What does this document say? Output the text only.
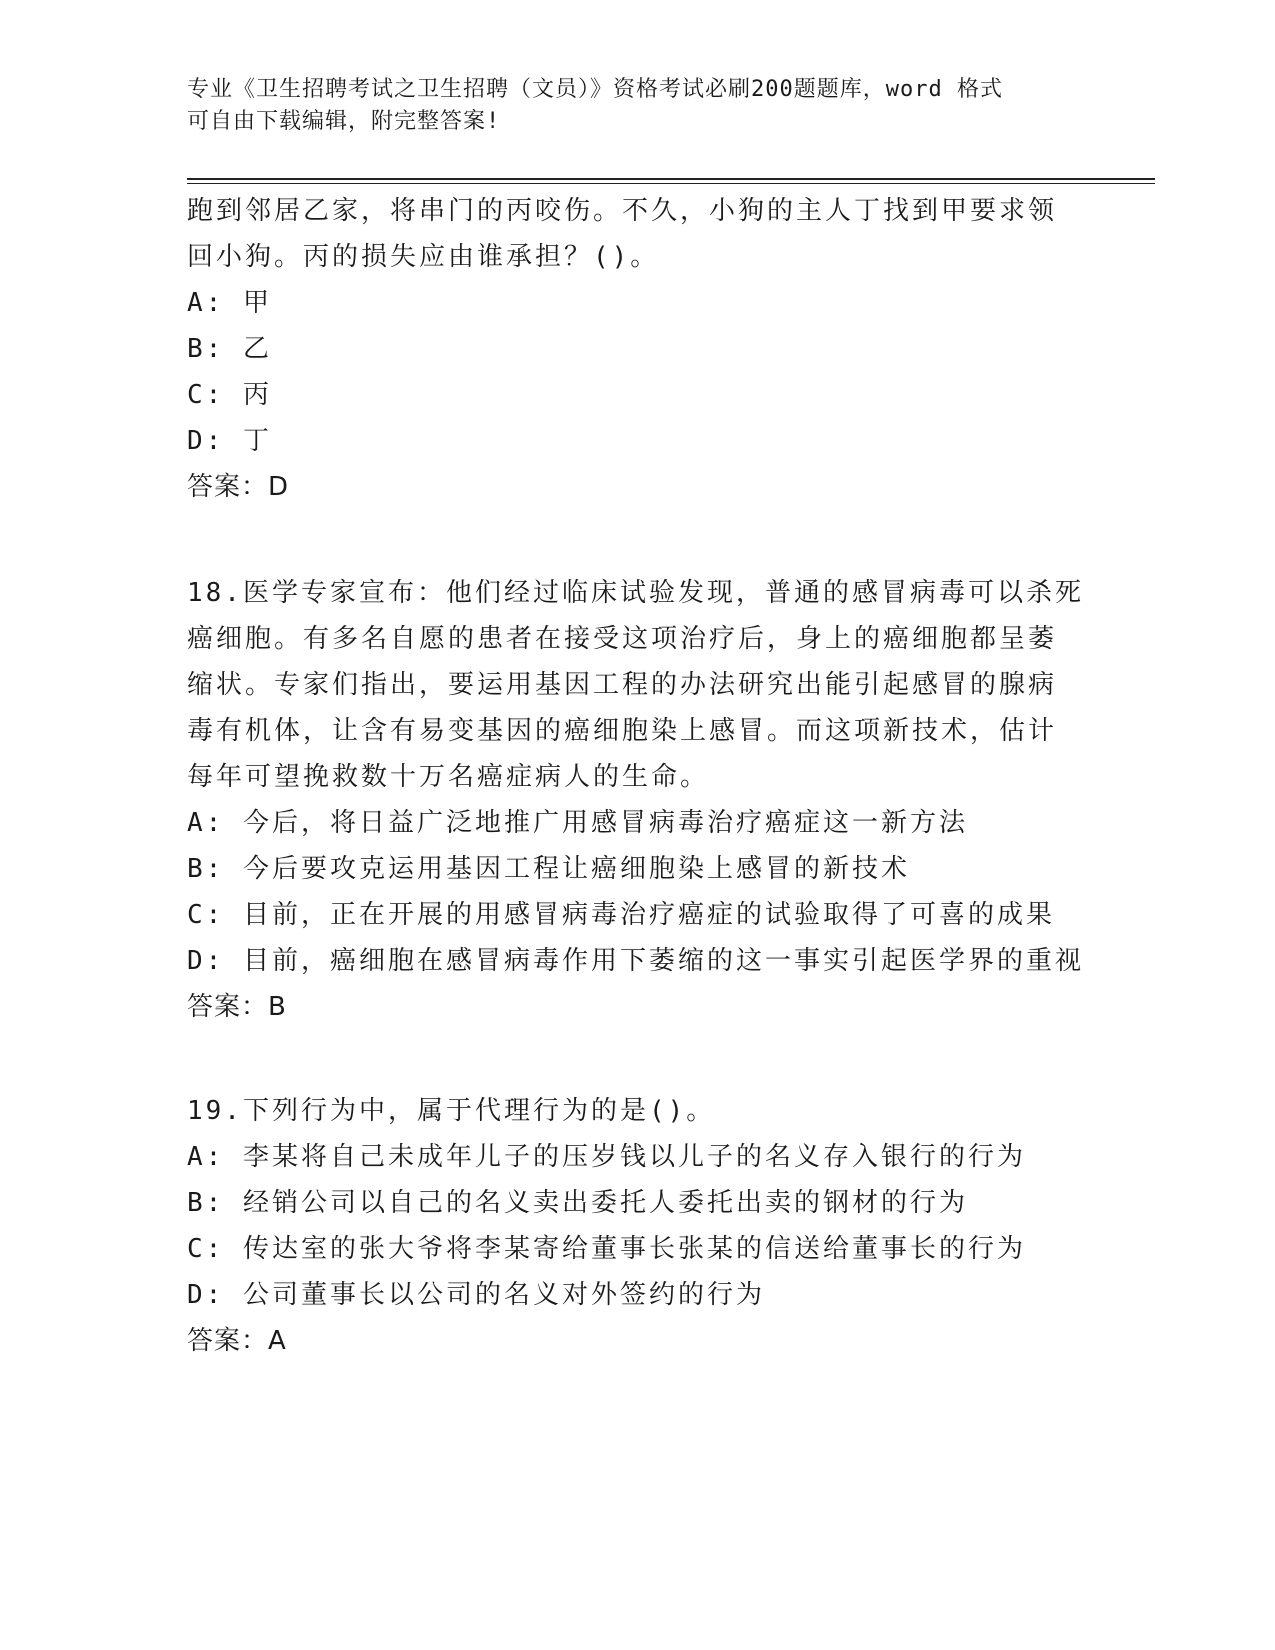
专业《卫生招聘考试之卫生招聘（文员）》资格考试必刷200题题库，word 格式
可自由下载编辑，附完整答案!
跑到邻居乙家，将串门的丙咬伤。不久，小狗的主人丁找到甲要求领
回小狗。丙的损失应由谁承担？()。
A: 甲
B: 乙
C: 丙
D: 丁
答案：D
18.医学专家宣布：他们经过临床试验发现，普通的感冒病毒可以杀死
癌细胞。有多名自愿的患者在接受这项治疗后，身上的癌细胞都呈萎
缩状。专家们指出，要运用基因工程的办法研究出能引起感冒的腺病
毒有机体，让含有易变基因的癌细胞染上感冒。而这项新技术，估计
每年可望挽救数十万名癌症病人的生命。
A: 今后，将日益广泛地推广用感冒病毒治疗癌症这一新方法
B: 今后要攻克运用基因工程让癌细胞染上感冒的新技术
C: 目前，正在开展的用感冒病毒治疗癌症的试验取得了可喜的成果
D: 目前，癌细胞在感冒病毒作用下萎缩的这一事实引起医学界的重视
答案：B
19.下列行为中，属于代理行为的是()。
A: 李某将自己未成年儿子的压岁钱以儿子的名义存入银行的行为
B: 经销公司以自己的名义卖出委托人委托出卖的钢材的行为
C: 传达室的张大爷将李某寄给董事长张某的信送给董事长的行为
D: 公司董事长以公司的名义对外签约的行为
答案：A
